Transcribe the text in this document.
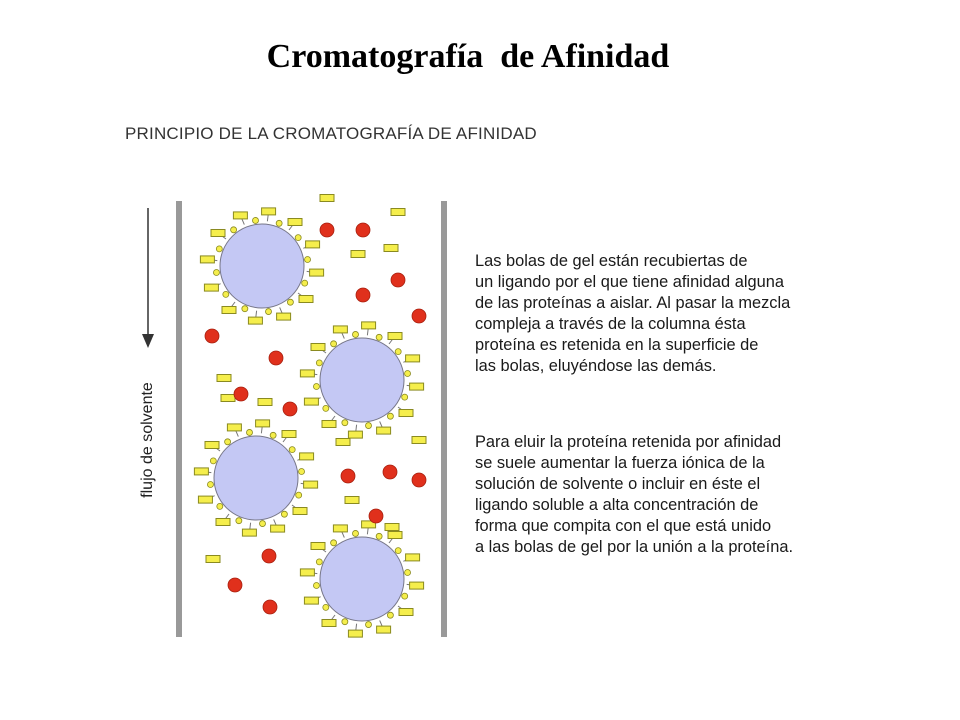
Cromatografía  de Afinidad
PRINCIPIO DE LA CROMATOGRAFÍA DE AFINIDAD
flujo de solvente
Las bolas de gel están recubiertas de
un ligando por el que tiene afinidad alguna
de las proteínas a aislar. Al pasar la mezcla
compleja a través de la columna ésta
proteína es retenida en la superficie de
las bolas, eluyéndose las demás.
Para eluir la proteína retenida por afinidad
se suele aumentar la fuerza iónica de la
solución de solvente o incluir en éste el
ligando soluble a alta concentración de
forma que compita con el que está unido
a las bolas de gel por la unión a la proteína.
